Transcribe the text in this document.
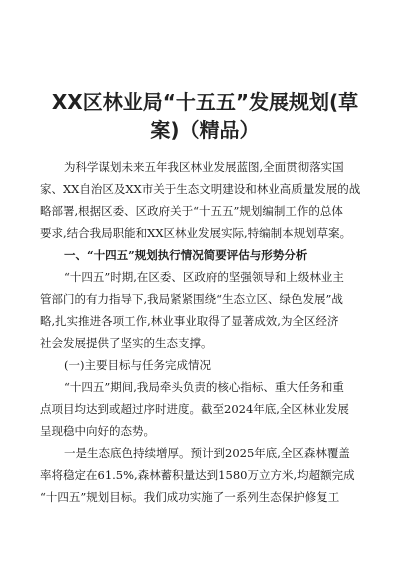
XX区林业局“十五五”发展规划(草
案)（精品）
为科学谋划未来五年我区林业发展蓝图,全面贯彻落实国
家、XX自治区及XX市关于生态文明建设和林业高质量发展的战
略部署,根据区委、区政府关于“十五五”规划编制工作的总体
要求,结合我局职能和XX区林业发展实际,特编制本规划草案。
一、“十四五”规划执行情况简要评估与形势分析
“十四五”时期,在区委、区政府的坚强领导和上级林业主
管部门的有力指导下,我局紧紧围绕“生态立区、绿色发展”战
略,扎实推进各项工作,林业事业取得了显著成效,为全区经济
社会发展提供了坚实的生态支撑。
(一)主要目标与任务完成情况
“十四五”期间,我局牵头负责的核心指标、重大任务和重
点项目均达到或超过序时进度。截至2024年底,全区林业发展
呈现稳中向好的态势。
一是生态底色持续增厚。预计到2025年底,全区森林覆盖
率将稳定在61.5%,森林蓄积量达到1580万立方米,均超额完成
“十四五”规划目标。我们成功实施了一系列生态保护修复工
